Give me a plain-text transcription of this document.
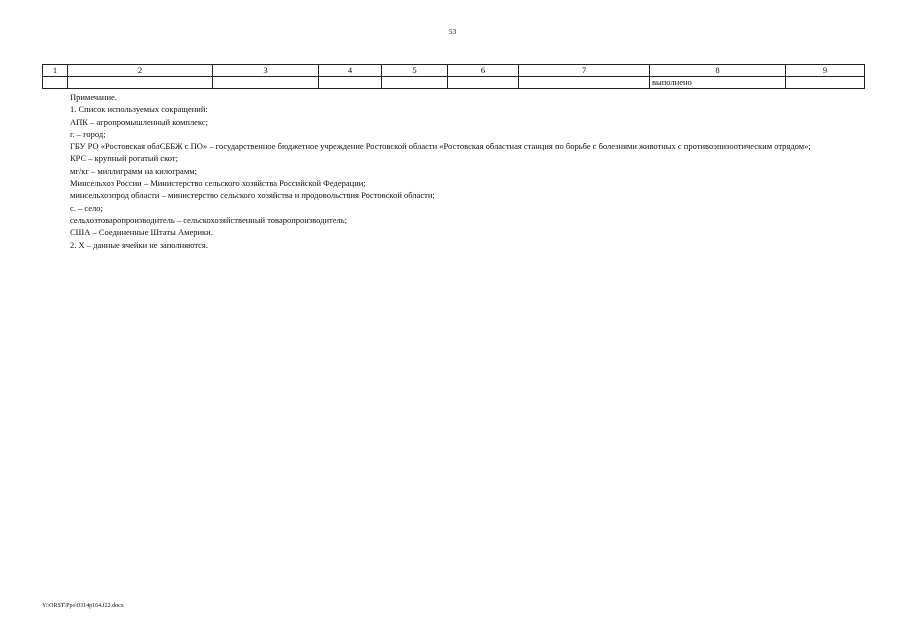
53
1	2	3	4	5	6	7	8	9
							выполнено	

Примечание.

1. Список используемых сокращений:

АПК – агропромышленный комплекс;

г. – город;

ГБУ РО «Ростовская облСББЖ с ПО» – государственное бюджетное учреждение Ростовской области «Ростовская областная станция по борьбе с болезнями животных с противоэпизоотическим отрядом»;

КРС – крупный рогатый скот;

мг/кг – миллиграмм на килограмм;

Минсельхоз России – Министерство сельского хозяйства Российской Федерации;

минсельхозпрод области – министерство сельского хозяйства и продовольствия Ростовской области;

с. – село;

сельхозтоваропроизводитель – сельскохозяйственный товаропроизводитель;

США – Соединенные Штаты Америки.

2. Х – данные ячейки не заполняются.

Y:\ORST\Ppo\0314p164.f22.docx
